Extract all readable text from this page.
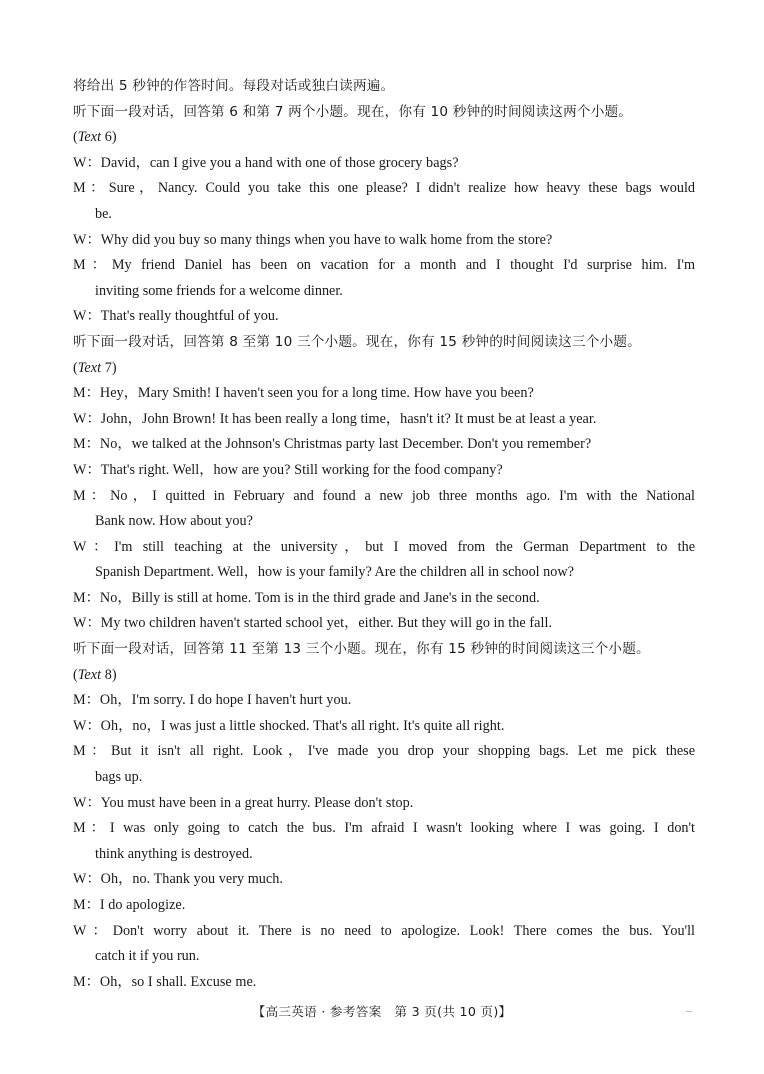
将给出 5 秒钟的作答时间。每段对话或独白读两遍。
听下面一段对话，回答第 6 和第 7 两个小题。现在，你有 10 秒钟的时间阅读这两个小题。
(Text 6)
W：David，can I give you a hand with one of those grocery bags?
M：Sure，Nancy. Could you take this one please? I didn't realize how heavy these bags would
be.
W：Why did you buy so many things when you have to walk home from the store?
M：My friend Daniel has been on vacation for a month and I thought I'd surprise him. I'm
inviting some friends for a welcome dinner.
W：That's really thoughtful of you.
听下面一段对话，回答第 8 至第 10 三个小题。现在，你有 15 秒钟的时间阅读这三个小题。
(Text 7)
M：Hey，Mary Smith! I haven't seen you for a long time. How have you been?
W：John，John Brown! It has been really a long time，hasn't it? It must be at least a year.
M：No，we talked at the Johnson's Christmas party last December. Don't you remember?
W：That's right. Well，how are you? Still working for the food company?
M：No，I quitted in February and found a new job three months ago. I'm with the National
Bank now. How about you?
W：I'm still teaching at the university，but I moved from the German Department to the
Spanish Department. Well，how is your family? Are the children all in school now?
M：No，Billy is still at home. Tom is in the third grade and Jane's in the second.
W：My two children haven't started school yet，either. But they will go in the fall.
听下面一段对话，回答第 11 至第 13 三个小题。现在，你有 15 秒钟的时间阅读这三个小题。
(Text 8)
M：Oh，I'm sorry. I do hope I haven't hurt you.
W：Oh，no，I was just a little shocked. That's all right. It's quite all right.
M：But it isn't all right. Look，I've made you drop your shopping bags. Let me pick these
bags up.
W：You must have been in a great hurry. Please don't stop.
M：I was only going to catch the bus. I'm afraid I wasn't looking where I was going. I don't
think anything is destroyed.
W：Oh，no. Thank you very much.
M：I do apologize.
W：Don't worry about it. There is no need to apologize. Look! There comes the bus. You'll
catch it if you run.
M：Oh，so I shall. Excuse me.
【高三英语 · 参考答案　第 3 页(共 10 页)】
